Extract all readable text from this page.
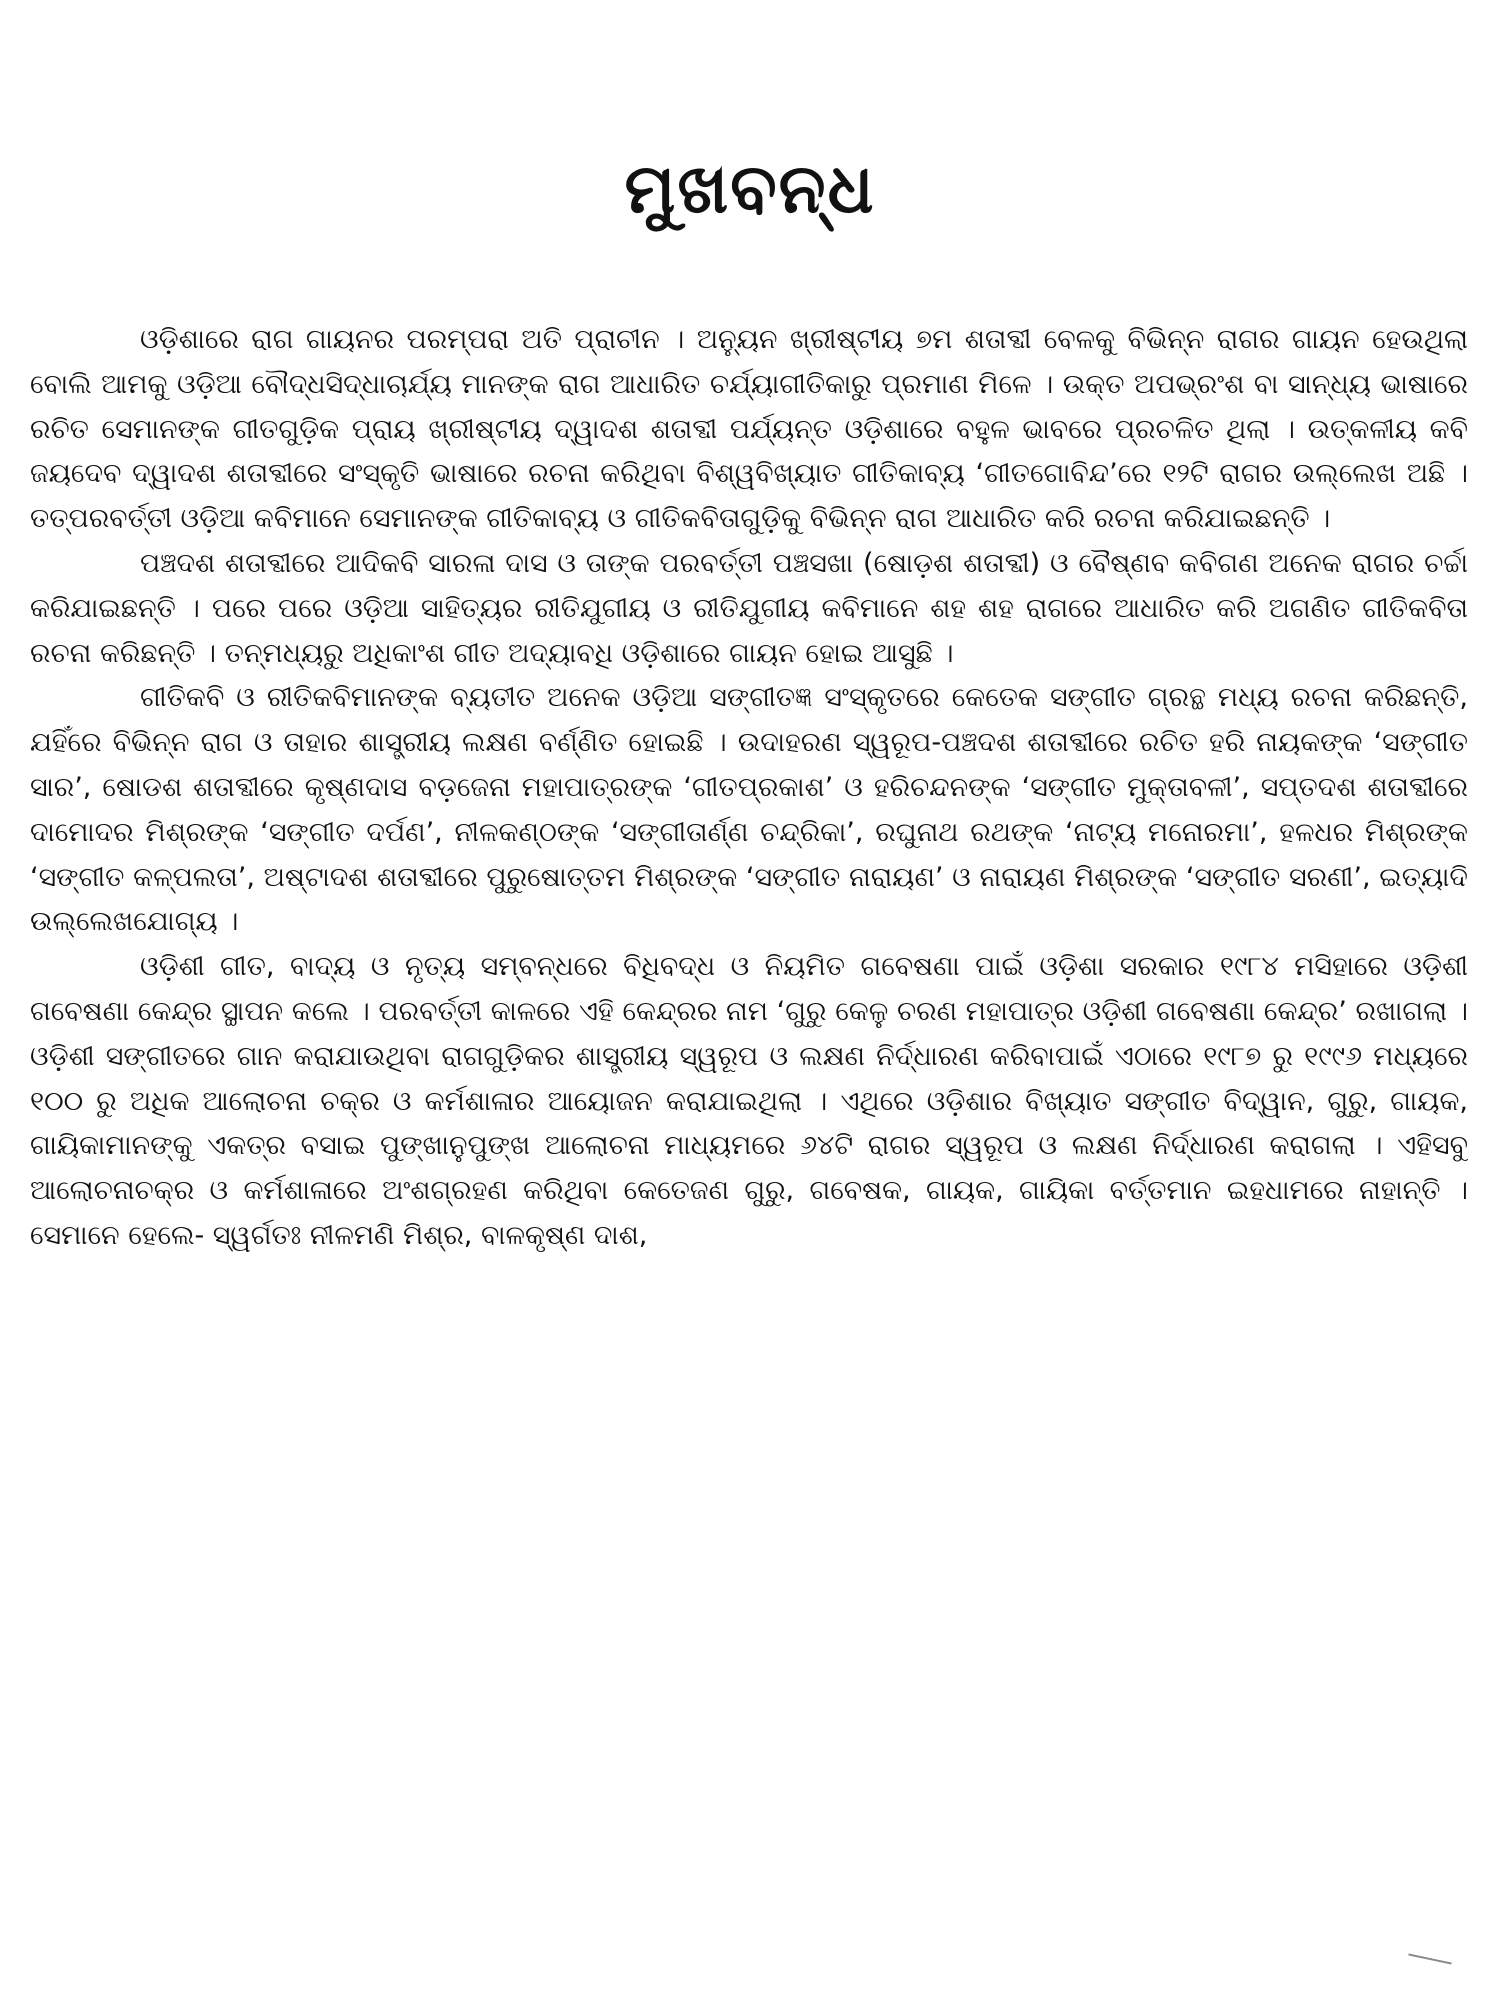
ମୁଖବନ୍ଧ

ଓଡ଼ିଶାରେ ରାଗ ଗାୟନର ପରମ୍ପରା ଅତି ପ୍ରାଚୀନ । ଅନ୍ୟୁନ ଖ୍ରୀଷ୍ଟୀୟ ୭ମ ଶତାବ୍ଦୀ ବେଳକୁ ବିଭିନ୍ନ ରାଗର ଗାୟନ ହେଉଥିଲା ବୋଲି ଆମକୁ ଓଡ଼ିଆ ବୌଦ୍ଧସିଦ୍ଧାଚାର୍ଯ୍ୟ ମାନଙ୍କ ରାଗ ଆଧାରିତ ଚର୍ଯ୍ୟାଗୀତିକାରୁ ପ୍ରମାଣ ମିଳେ । ଉକ୍ତ ଅପଭ୍ରଂଶ ବା ସାନ୍ଧ୍ୟ ଭାଷାରେ ରଚିତ ସେମାନଙ୍କ ଗୀତଗୁଡ଼ିକ ପ୍ରାୟ ଖ୍ରୀଷ୍ଟୀୟ ଦ୍ୱାଦଶ ଶତାବ୍ଦୀ ପର୍ଯ୍ୟନ୍ତ ଓଡ଼ିଶାରେ ବହୁଳ ଭାବରେ ପ୍ରଚଳିତ ଥିଲା । ଉତ୍କଳୀୟ କବି ଜୟଦେବ ଦ୍ୱାଦଶ ଶତାବ୍ଦୀରେ ସଂସ୍କୃତି ଭାଷାରେ ରଚନା କରିଥିବା ବିଶ୍ୱବିଖ୍ୟାତ ଗୀତିକାବ୍ୟ ‘ଗୀତଗୋବିନ୍ଦ’ରେ ୧୨ଟି ରାଗର ଉଲ୍ଲେଖ ଅଛି । ତତ୍‌ପରବର୍ତ୍ତୀ ଓଡ଼ିଆ କବିମାନେ ସେମାନଙ୍କ ଗୀତିକାବ୍ୟ ଓ ଗୀତିକବିତାଗୁଡ଼ିକୁ ବିଭିନ୍ନ ରାଗ ଆଧାରିତ କରି ରଚନା କରିଯାଇଛନ୍ତି ।

ପଞ୍ଚଦଶ ଶତାବ୍ଦୀରେ ଆଦିକବି ସାରଳା ଦାସ ଓ ତାଙ୍କ ପରବର୍ତ୍ତୀ ପଞ୍ଚସଖା (ଷୋଡ଼ଶ ଶତାବ୍ଦୀ) ଓ ବୈଷ୍ଣବ କବିଗଣ ଅନେକ ରାଗର ଚର୍ଚ୍ଚା କରିଯାଇଛନ୍ତି । ପରେ ପରେ ଓଡ଼ିଆ ସାହିତ୍ୟର ରୀତିଯୁଗୀୟ ଓ ରୀତିଯୁଗୀୟ କବିମାନେ ଶହ ଶହ ରାଗରେ ଆଧାରିତ କରି ଅଗଣିତ ଗୀତିକବିତା ରଚନା କରିଛନ୍ତି । ତନ୍ମଧ୍ୟରୁ ଅଧିକାଂଶ ଗୀତ ଅଦ୍ୟାବଧି ଓଡ଼ିଶାରେ ଗାୟନ ହୋଇ ଆସୁଛି ।

ଗୀତିକବି ଓ ରୀତିକବିମାନଙ୍କ ବ୍ୟତୀତ ଅନେକ ଓଡ଼ିଆ ସଙ୍ଗୀତଜ୍ଞ ସଂସ୍କୃତରେ କେତେକ ସଙ୍ଗୀତ ଗ୍ରନ୍ଥ ମଧ୍ୟ ରଚନା କରିଛନ୍ତି, ଯହିଁରେ ବିଭିନ୍ନ ରାଗ ଓ ତାହାର ଶାସ୍ତ୍ରୀୟ ଲକ୍ଷଣ ବର୍ଣ୍ଣିତ ହୋଇଛି । ଉଦାହରଣ ସ୍ୱରୂପ-ପଞ୍ଚଦଶ ଶତାବ୍ଦୀରେ ରଚିତ ହରି ନାୟକଙ୍କ ‘ସଙ୍ଗୀତ ସାର’, ଷୋଡଶ ଶତାବ୍ଦୀରେ କୃଷ୍ଣଦାସ ବଡ଼ଜେନା ମହାପାତ୍ରଙ୍କ ‘ଗୀତପ୍ରକାଶ’ ଓ ହରିଚନ୍ଦନଙ୍କ ‘ସଙ୍ଗୀତ ମୁକ୍ତାବଳୀ’, ସପ୍ତଦଶ ଶତାବ୍ଦୀରେ ଦାମୋଦର ମିଶ୍ରଙ୍କ ‘ସଙ୍ଗୀତ ଦର୍ପଣ’, ନୀଳକଣ୍ଠଙ୍କ ‘ସଙ୍ଗୀତାର୍ଣ୍ଣ ଚନ୍ଦ୍ରିକା’, ରଘୁନାଥ ରଥଙ୍କ ‘ନାଟ୍ୟ ମନୋରମା’, ହଳଧର ମିଶ୍ରଙ୍କ ‘ସଙ୍ଗୀତ କଳ୍ପଲତା’, ଅଷ୍ଟାଦଶ ଶତାବ୍ଦୀରେ ପୁରୁଷୋତ୍ତମ ମିଶ୍ରଙ୍କ ‘ସଙ୍ଗୀତ ନାରାୟଣ’ ଓ ନାରାୟଣ ମିଶ୍ରଙ୍କ ‘ସଙ୍ଗୀତ ସରଣୀ’, ଇତ୍ୟାଦି ଉଲ୍ଲେଖଯୋଗ୍ୟ ।

ଓଡ଼ିଶୀ ଗୀତ, ବାଦ୍ୟ ଓ ନୃତ୍ୟ ସମ୍ବନ୍ଧରେ ବିଧିବଦ୍ଧ ଓ ନିୟମିତ ଗବେଷଣା ପାଇଁ ଓଡ଼ିଶା ସରକାର ୧୯୮୪ ମସିହାରେ ଓଡ଼ିଶୀ ଗବେଷଣା କେନ୍ଦ୍ର ସ୍ଥାପନ କଲେ । ପରବର୍ତ୍ତୀ କାଳରେ ଏହି କେନ୍ଦ୍ରର ନାମ ‘ଗୁରୁ କେଳୁ ଚରଣ ମହାପାତ୍ର ଓଡ଼ିଶୀ ଗବେଷଣା କେନ୍ଦ୍ର’ ରଖାଗଲା । ଓଡ଼ିଶୀ ସଙ୍ଗୀତରେ ଗାନ କରାଯାଉଥିବା ରାଗଗୁଡ଼ିକର ଶାସ୍ତ୍ରୀୟ ସ୍ୱରୂପ ଓ ଲକ୍ଷଣ ନିର୍ଦ୍ଧାରଣ କରିବାପାଇଁ ଏଠାରେ ୧୯୮୭ ରୁ ୧୯୯୬ ମଧ୍ୟରେ ୧୦୦ ରୁ ଅଧିକ ଆଲୋଚନା ଚକ୍ର ଓ କର୍ମଶାଳାର ଆୟୋଜନ କରାଯାଇଥିଲା । ଏଥିରେ ଓଡ଼ିଶାର ବିଖ୍ୟାତ ସଙ୍ଗୀତ ବିଦ୍ୱାନ, ଗୁରୁ, ଗାୟକ, ଗାୟିକାମାନଙ୍କୁ ଏକତ୍ର ବସାଇ ପୁଙ୍ଖାନୁପୁଙ୍ଖ ଆଲୋଚନା ମାଧ୍ୟମରେ ୬୪ଟି ରାଗର ସ୍ୱରୂପ ଓ ଲକ୍ଷଣ ନିର୍ଦ୍ଧାରଣ କରାଗଲା । ଏହିସବୁ ଆଲୋଚନାଚକ୍ର ଓ କର୍ମଶାଳାରେ ଅଂଶଗ୍ରହଣ କରିଥିବା କେତେଜଣ ଗୁରୁ, ଗବେଷକ, ଗାୟକ, ଗାୟିକା ବର୍ତ୍ତମାନ ଇହଧାମରେ ନାହାନ୍ତି । ସେମାନେ ହେଲେ- ସ୍ୱର୍ଗତଃ ନୀଳମଣି ମିଶ୍ର, ବାଳକୃଷ୍ଣ ଦାଶ,
